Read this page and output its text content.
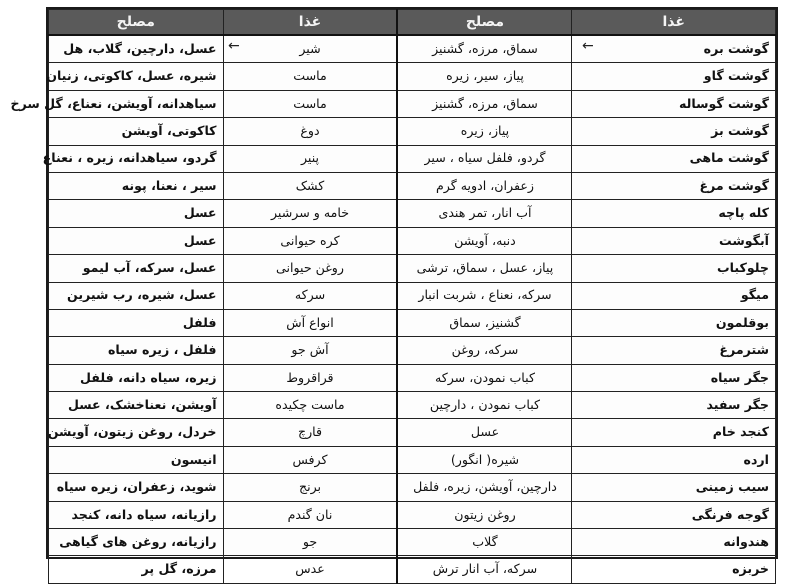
غذا	مصلح	غذا	مصلح
گوشت بره	سماق، مرزه، گشنیز	شیر	عسل، دارچین، گلاب، هل
گوشت گاو	پیاز، سیر، زیره	ماست	شیره، عسل، کاکوتی، زنیان
گوشت گوساله	سماق، مرزه، گشنیز	ماست	سیاهدانه، آویشن، نعناع، گل سرخ
گوشت بز	پیاز، زیره	دوغ	کاکوتی، آویشن
گوشت ماهی	گردو، فلفل سیاه ، سیر	پنیر	گردو، سیاهدانه، زیره ، نعناع
گوشت مرغ	زعفران، ادویه گرم	کشک	سیر ، نعنا، پونه
کله پاچه	آب انار، تمر هندی	خامه و سرشیر	عسل
آبگوشت	دنبه، آویشن	کره حیوانی	عسل
چلوکباب	پیاز، عسل ، سماق، ترشی	روغن حیوانی	عسل، سرکه، آب لیمو
میگو	سرکه، نعناع ، شربت انبار	سرکه	عسل، شیره، رب شیرین
بوقلمون	گشنیز، سماق	انواع آش	فلفل
شترمرغ	سرکه، روغن	آش جو	فلفل ، زیره سیاه
جگر سیاه	کباب نمودن، سرکه	قراقروط	زیره، سیاه دانه، فلفل
جگر سفید	کباب نمودن ، دارچین	ماست چکیده	آویشن، نعناخشک، عسل
کنجد خام	عسل	قارچ	خردل، روغن زیتون، آویشن
ارده	شیره( انگور)	کرفس	انیسون
سیب زمینی	دارچین، آویشن، زیره، فلفل	برنج	شوید، زعفران، زیره سیاه
گوجه فرنگی	روغن زیتون	نان گندم	رازیانه، سیاه دانه، کنجد
هندوانه	گلاب	جو	رازیانه، روغن های گیاهی
خربزه	سرکه، آب انار ترش	عدس	مرزه، گل پر
←
←
